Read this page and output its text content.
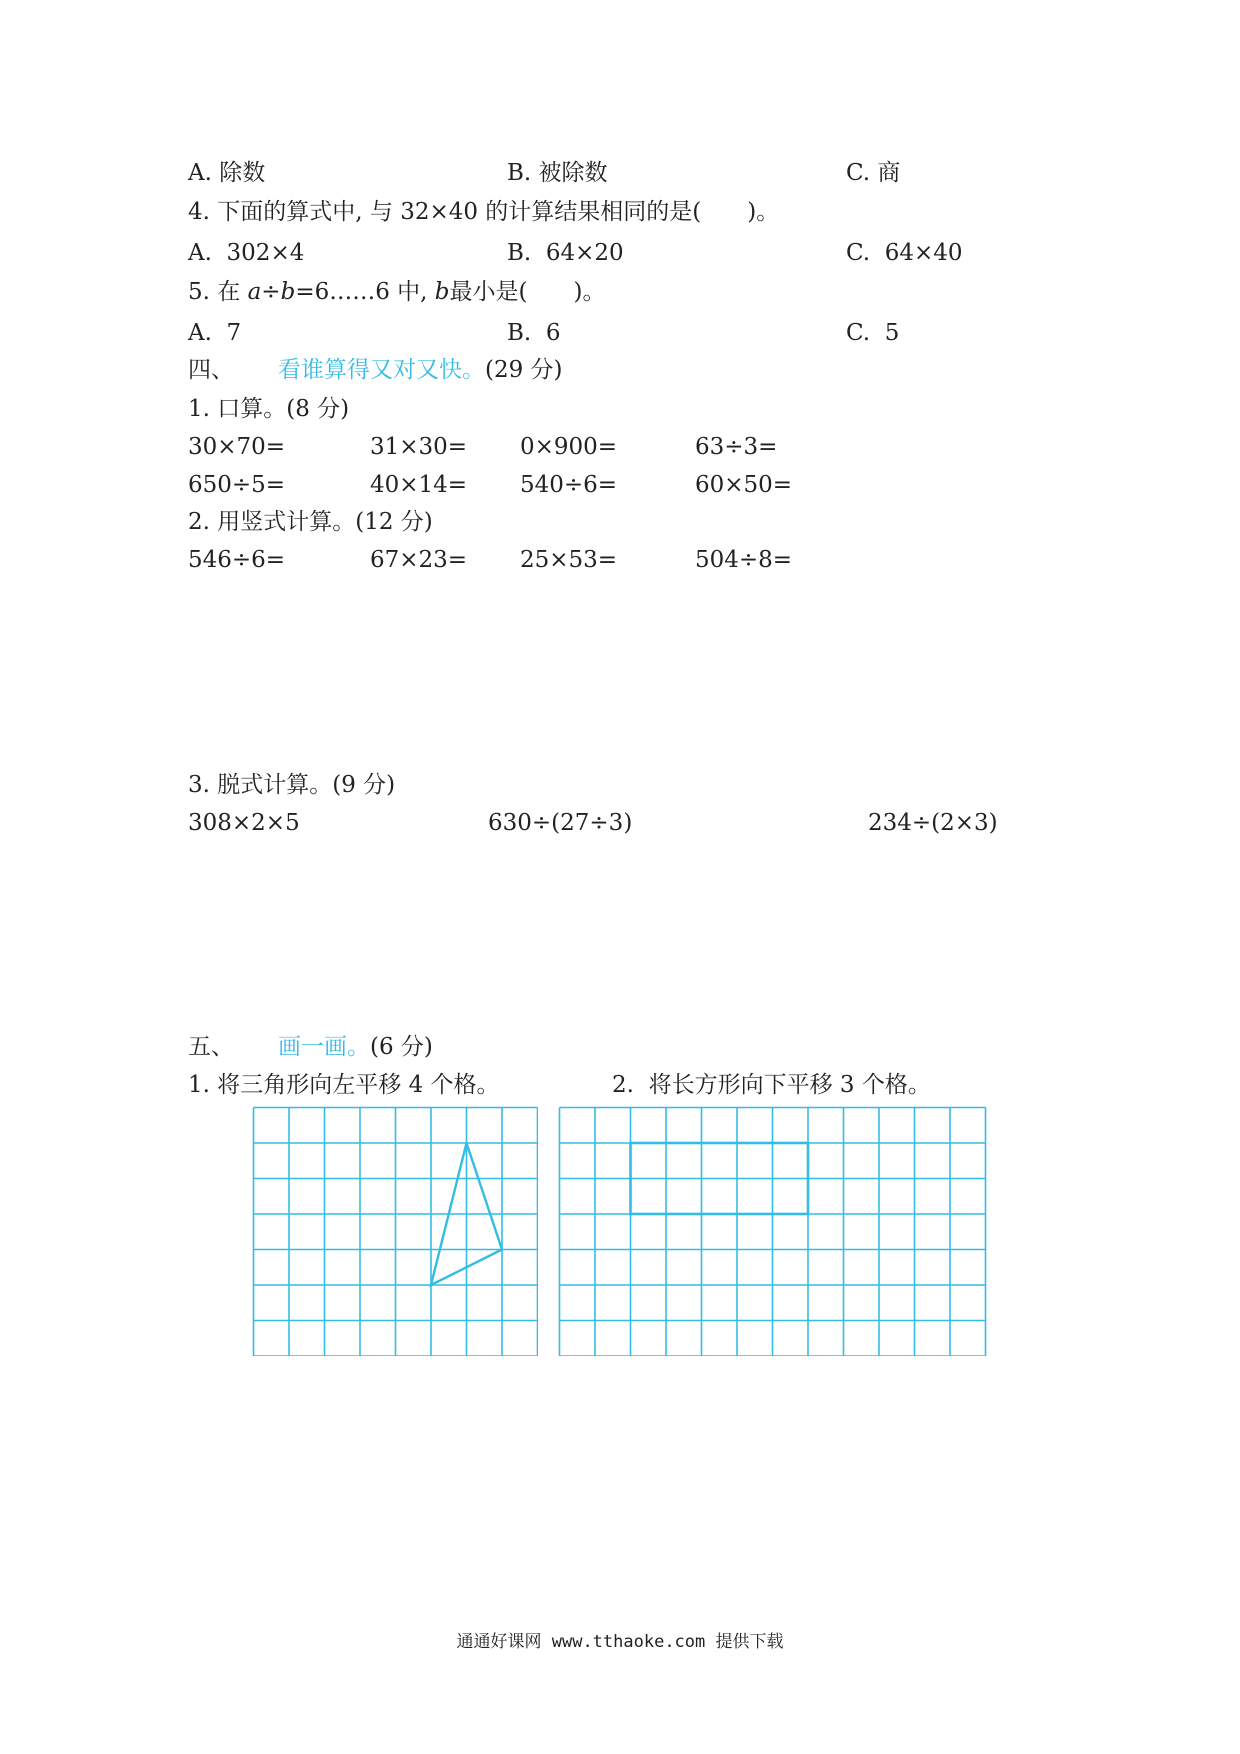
A. 除数	B. 被除数	C. 商
4. 下面的算式中, 与 32×40 的计算结果相同的是(　　)。
A.  302×4	B.  64×20	C.  64×40
5. 在 a÷b=6……6 中, b最小是(　　)。
A.  7	B.  6	C.  5
四、 看谁算得又对又快。(29 分)
1. 口算。(8 分)
30×70=	31×30= 0×900=	63÷3=
650÷5=	40×14= 540÷6=	60×50=
2. 用竖式计算。(12 分)
546÷6=	67×23= 25×53=	504÷8=
3. 脱式计算。(9 分)
308×2×5	630÷(27÷3)	234÷(2×3)
五、 画一画。(6 分)
1. 将三角形向左平移 4 个格。	2.  将长方形向下平移 3 个格。
通通好课网 www.tthaoke.com 提供下载
